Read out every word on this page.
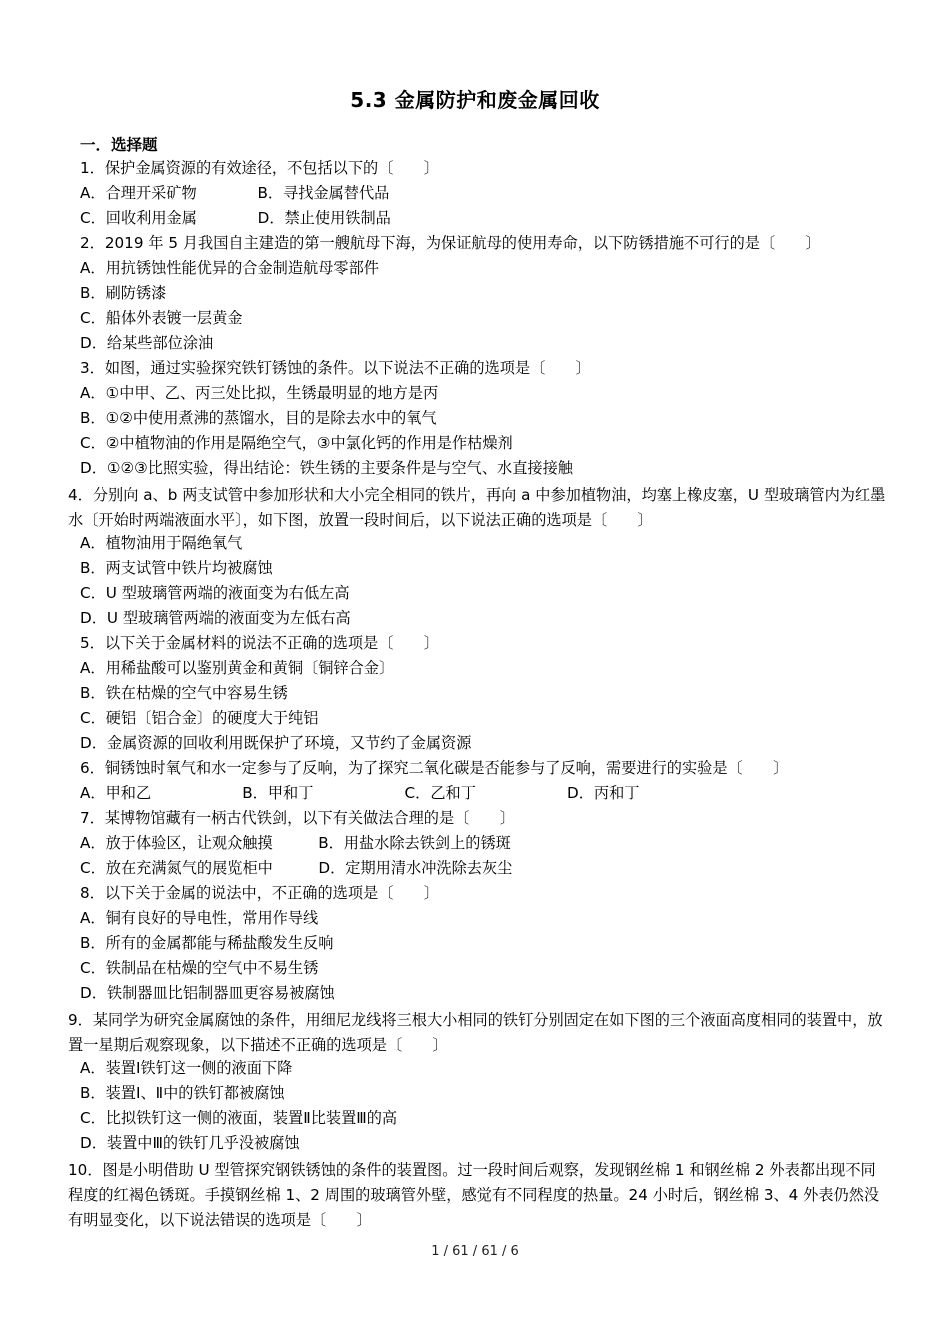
5.3 金属防护和废金属回收
一．选择题
1．保护金属资源的有效途径，不包括以下的〔　　〕
A．合理开采矿物　　　　B．寻找金属替代品
C．回收利用金属　　　　D．禁止使用铁制品
2．2019 年 5 月我国自主建造的第一艘航母下海，为保证航母的使用寿命，以下防锈措施不可行的是〔　　〕
A．用抗锈蚀性能优异的合金制造航母零部件
B．刷防锈漆
C．船体外表镀一层黄金
D．给某些部位涂油
3．如图，通过实验探究铁钉锈蚀的条件。以下说法不正确的选项是〔　　〕
A．①中甲、乙、丙三处比拟，生锈最明显的地方是丙
B．①②中使用煮沸的蒸馏水，目的是除去水中的氧气
C．②中植物油的作用是隔绝空气，③中氯化钙的作用是作枯燥剂
D．①②③比照实验，得出结论：铁生锈的主要条件是与空气、水直接接触
4．分别向 a、b 两支试管中参加形状和大小完全相同的铁片，再向 a 中参加植物油，均塞上橡皮塞，U 型玻璃管内为红墨水〔开始时两端液面水平〕，如下图，放置一段时间后，以下说法正确的选项是〔　　〕
A．植物油用于隔绝氧气
B．两支试管中铁片均被腐蚀
C．U 型玻璃管两端的液面变为右低左高
D．U 型玻璃管两端的液面变为左低右高
5．以下关于金属材料的说法不正确的选项是〔　　〕
A．用稀盐酸可以鉴别黄金和黄铜〔铜锌合金〕
B．铁在枯燥的空气中容易生锈
C．硬铝〔铝合金〕的硬度大于纯铝
D．金属资源的回收利用既保护了环境，又节约了金属资源
6．铜锈蚀时氧气和水一定参与了反响，为了探究二氧化碳是否能参与了反响，需要进行的实验是〔　　〕
A．甲和乙　　　　　　B．甲和丁　　　　　　C．乙和丁　　　　　　D．丙和丁
7．某博物馆藏有一柄古代铁剑，以下有关做法合理的是〔　　〕
A．放于体验区，让观众触摸　　　B．用盐水除去铁剑上的锈斑
C．放在充满氮气的展览柜中　　　D．定期用清水冲洗除去灰尘
8．以下关于金属的说法中，不正确的选项是〔　　〕
A．铜有良好的导电性，常用作导线
B．所有的金属都能与稀盐酸发生反响
C．铁制品在枯燥的空气中不易生锈
D．铁制器皿比铝制器皿更容易被腐蚀
9．某同学为研究金属腐蚀的条件，用细尼龙线将三根大小相同的铁钉分别固定在如下图的三个液面高度相同的装置中，放置一星期后观察现象，以下描述不正确的选项是〔　　〕
A．装置Ⅰ铁钉这一侧的液面下降
B．装置Ⅰ、Ⅱ中的铁钉都被腐蚀
C．比拟铁钉这一侧的液面，装置Ⅱ比装置Ⅲ的高
D．装置中Ⅲ的铁钉几乎没被腐蚀
10．图是小明借助 U 型管探究钢铁锈蚀的条件的装置图。过一段时间后观察，发现钢丝棉 1 和钢丝棉 2 外表都出现不同程度的红褐色锈斑。手摸钢丝棉 1、2 周围的玻璃管外壁，感觉有不同程度的热量。24 小时后，钢丝棉 3、4 外表仍然没有明显变化，以下说法错误的选项是〔　　〕
1 / 61 / 61 / 6
